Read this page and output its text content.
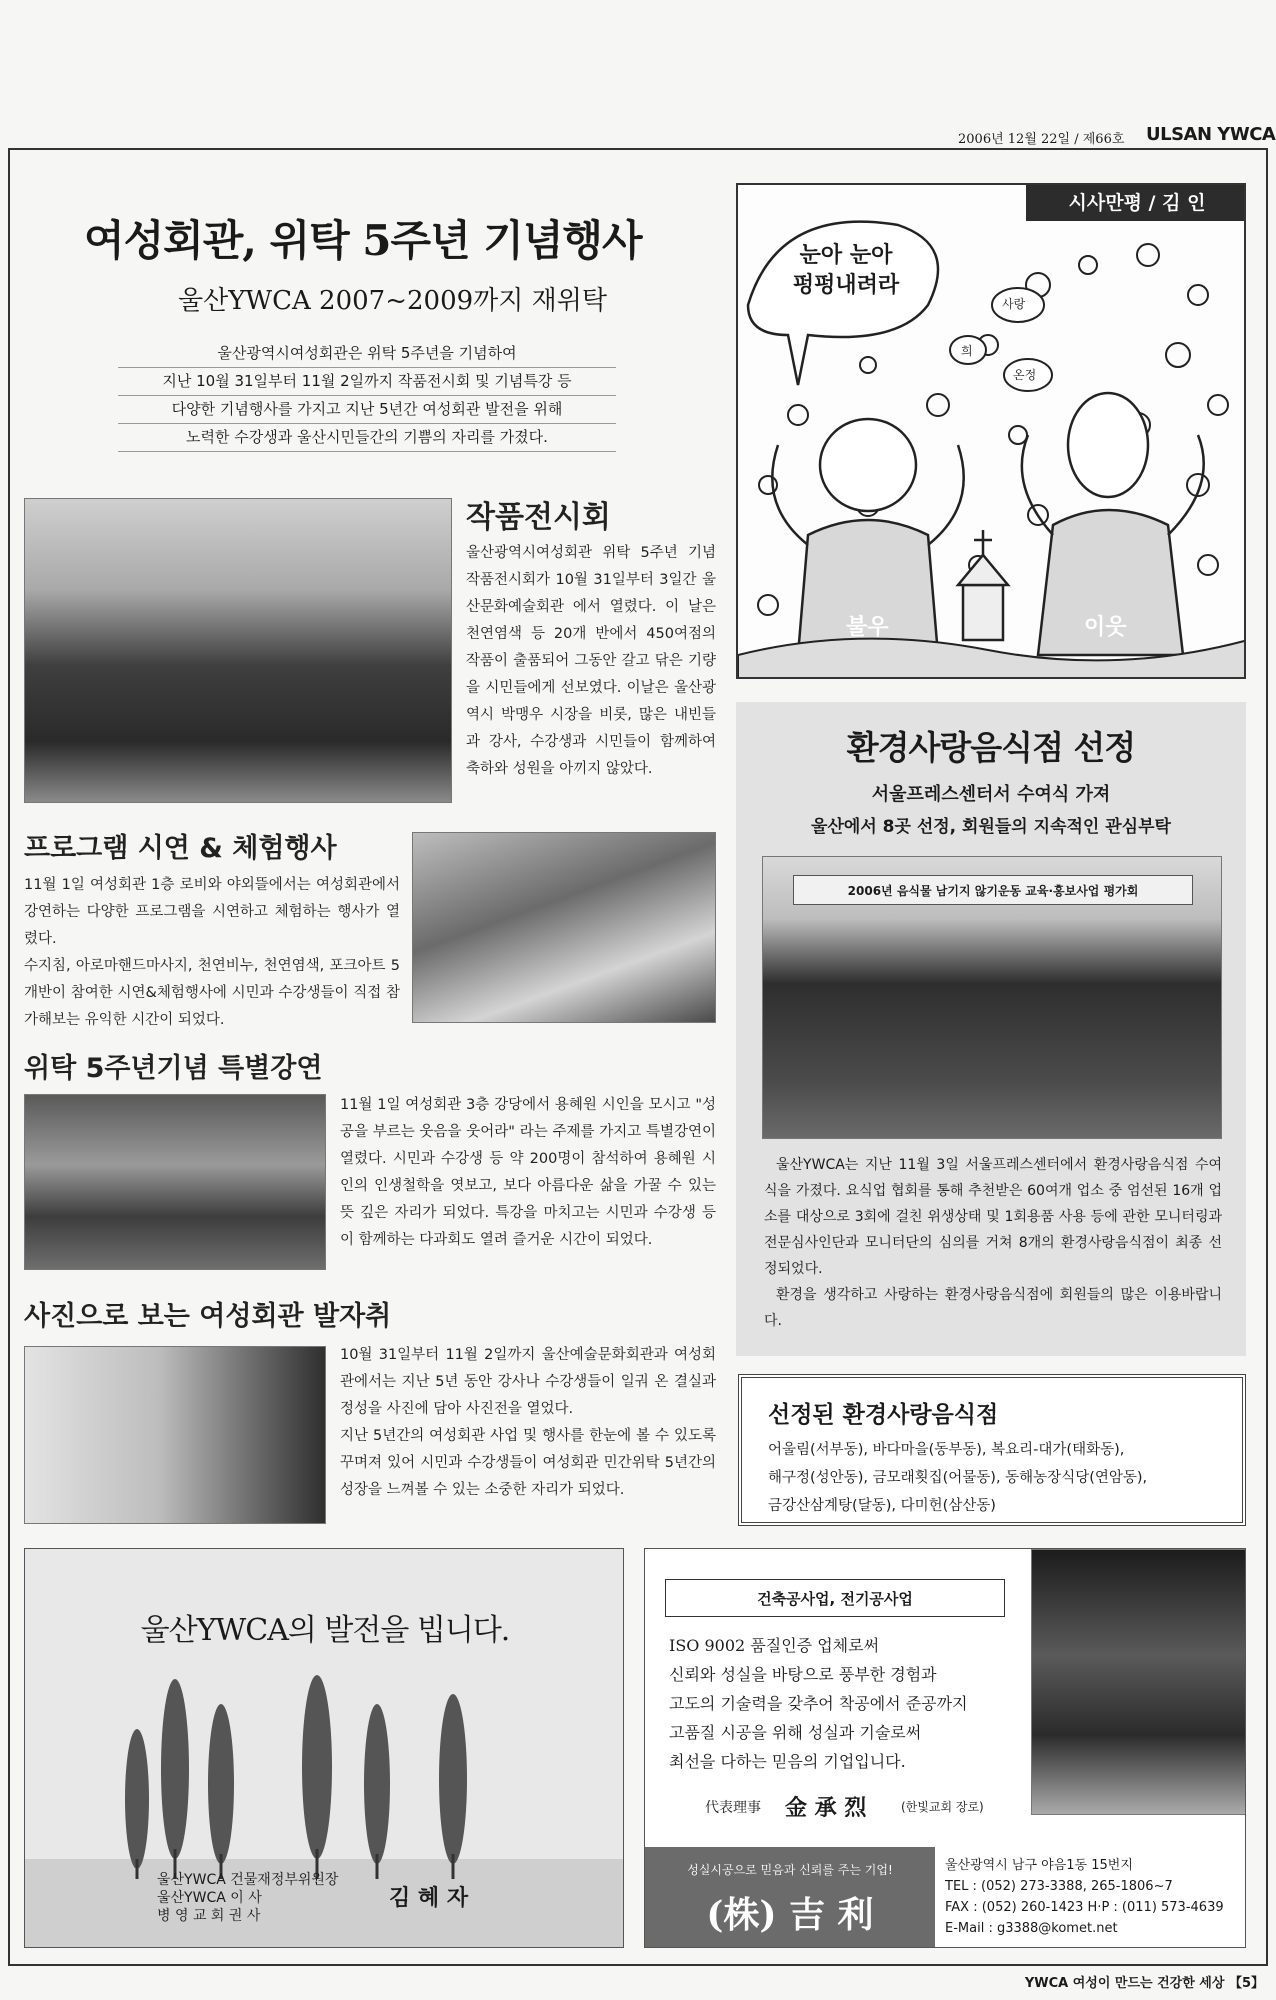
2006년 12월 22일 / 제66호 ULSAN YWCA
여성회관, 위탁 5주년 기념행사
울산YWCA 2007~2009까지 재위탁
울산광역시여성회관은 위탁 5주년을 기념하여
지난 10월 31일부터 11월 2일까지 작품전시회 및 기념특강 등
다양한 기념행사를 가지고 지난 5년간 여성회관 발전을 위해
노력한 수강생과 울산시민들간의 기쁨의 자리를 가졌다.
작품전시회
울산광역시여성회관 위탁 5주년 기념 작품전시회가 10월 31일부터 3일간 울산문화예술회관 에서 열렸다. 이 날은 천연염색 등 20개 반에서 450여점의 작품이 출품되어 그동안 갈고 닦은 기량을 시민들에게 선보였다. 이날은 울산광역시 박맹우 시장을 비롯, 많은 내빈들과 강사, 수강생과 시민들이 함께하여 축하와 성원을 아끼지 않았다.
프로그램 시연 & 체험행사
11월 1일 여성회관 1층 로비와 야외뜰에서는 여성회관에서 강연하는 다양한 프로그램을 시연하고 체험하는 행사가 열렸다.
수지침, 아로마핸드마사지, 천연비누, 천연염색, 포크아트 5개반이 참여한 시연&체험행사에 시민과 수강생들이 직접 참가해보는 유익한 시간이 되었다.
위탁 5주년기념 특별강연
11월 1일 여성회관 3층 강당에서 용혜원 시인을 모시고 "성공을 부르는 웃음을 웃어라" 라는 주제를 가지고 특별강연이 열렸다. 시민과 수강생 등 약 200명이 참석하여 용혜원 시인의 인생철학을 엿보고, 보다 아름다운 삶을 가꿀 수 있는 뜻 깊은 자리가 되었다. 특강을 마치고는 시민과 수강생 등이 함께하는 다과회도 열려 즐거운 시간이 되었다.
사진으로 보는 여성회관 발자취
10월 31일부터 11월 2일까지 울산예술문화회관과 여성회관에서는 지난 5년 동안 강사나 수강생들이 일궈 온 결실과 정성을 사진에 담아 사진전을 열었다.
지난 5년간의 여성회관 사업 및 행사를 한눈에 볼 수 있도록 꾸며져 있어 시민과 수강생들이 여성회관 민간위탁 5년간의 성장을 느껴볼 수 있는 소중한 자리가 되었다.
시사만평 / 김 인
눈아 눈아
펑펑내려라
사랑
희
온정
불우	이웃
환경사랑음식점 선정
서울프레스센터서 수여식 가져
울산에서 8곳 선정, 회원들의 지속적인 관심부탁
2006년 음식물 남기지 않기운동 교육·홍보사업 평가회
울산YWCA는 지난 11월 3일 서울프레스센터에서 환경사랑음식점 수여식을 가졌다. 요식업 협회를 통해 추천받은 60여개 업소 중 엄선된 16개 업소를 대상으로 3회에 걸친 위생상태 및 1회용품 사용 등에 관한 모니터링과 전문심사인단과 모니터단의 심의를 거쳐 8개의 환경사랑음식점이 최종 선정되었다.
환경을 생각하고 사랑하는 환경사랑음식점에 회원들의 많은 이용바랍니다.
선정된 환경사랑음식점
어울림(서부동), 바다마을(동부동), 복요리-대가(태화동),
해구정(성안동), 금모래횟집(어물동), 동해농장식당(연암동),
금강산삼계탕(달동), 다미헌(삼산동)
울산YWCA의 발전을 빕니다.
울산YWCA 건물재정부위원장
울산YWCA 이 사
병 영 교 회 권 사
김 혜 자
건축공사업, 전기공사업
ISO 9002 품질인증 업체로써
신뢰와 성실을 바탕으로 풍부한 경험과
고도의 기술력을 갖추어 착공에서 준공까지
고품질 시공을 위해 성실과 기술로써
최선을 다하는 믿음의 기업입니다.
代表理事 金 承 烈	(한빛교회 장로)
성실시공으로 믿음과 신뢰를 주는 기업!
(株) 吉 利
울산광역시 남구 야음1동 15번지
TEL : (052) 273-3388, 265-1806~7
FAX : (052) 260-1423 H·P : (011) 573-4639
E-Mail : g3388@komet.net
YWCA 여성이 만드는 건강한 세상 【5】
